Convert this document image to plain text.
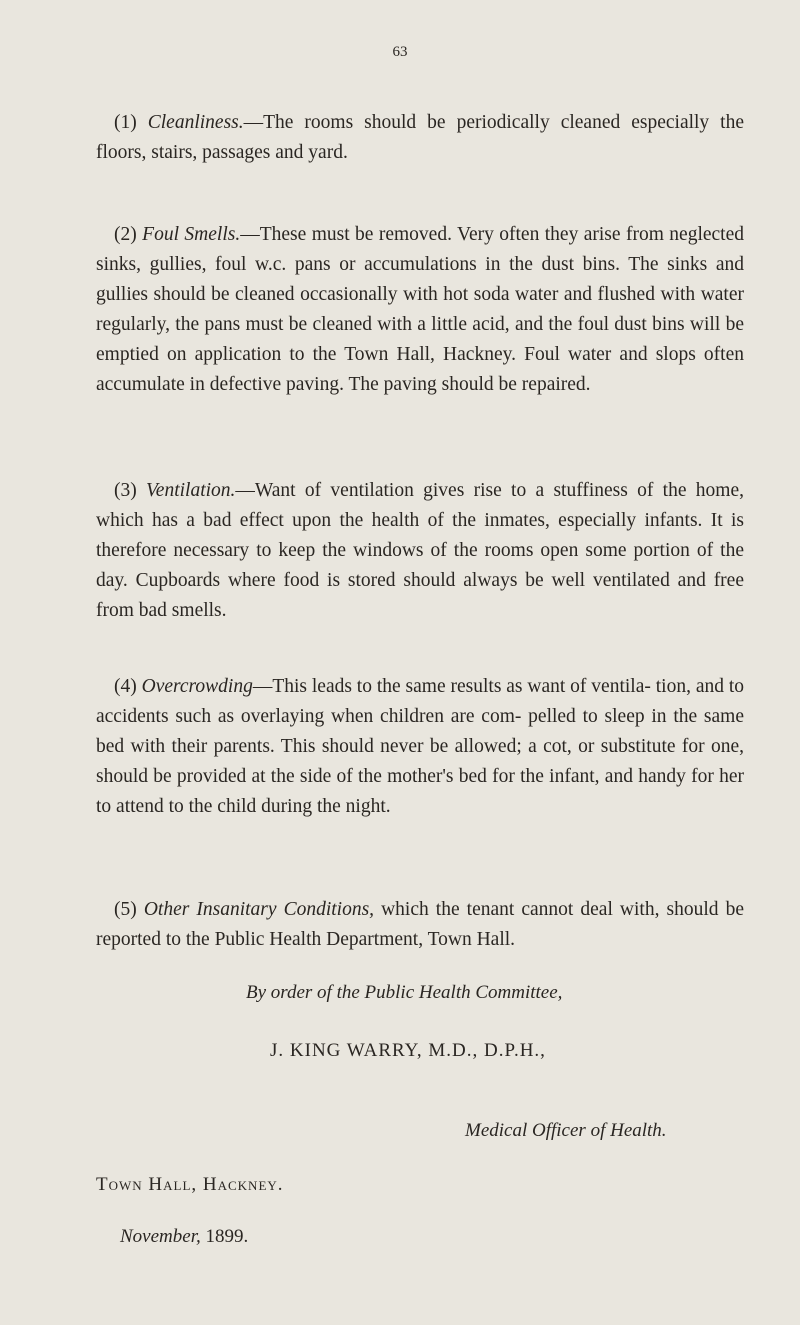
63

(1) Cleanliness.—The rooms should be periodically cleaned especially the floors, stairs, passages and yard.

(2) Foul Smells.—These must be removed. Very often they arise from neglected sinks, gullies, foul w.c. pans or accumulations in the dust bins. The sinks and gullies should be cleaned occasionally with hot soda water and flushed with water regularly, the pans must be cleaned with a little acid, and the foul dust bins will be emptied on application to the Town Hall, Hackney. Foul water and slops often accumulate in defective paving. The paving should be repaired.

(3) Ventilation.—Want of ventilation gives rise to a stuffiness of the home, which has a bad effect upon the health of the inmates, especially infants. It is therefore necessary to keep the windows of the rooms open some portion of the day. Cupboards where food is stored should always be well ventilated and free from bad smells.

(4) Overcrowding—This leads to the same results as want of ventila- tion, and to accidents such as overlaying when children are com- pelled to sleep in the same bed with their parents. This should never be allowed; a cot, or substitute for one, should be provided at the side of the mother's bed for the infant, and handy for her to attend to the child during the night.

(5) Other Insanitary Conditions, which the tenant cannot deal with, should be reported to the Public Health Department, Town Hall.

By order of the Public Health Committee,
J. KING WARRY, M.D., D.P.H.,
Medical Officer of Health.
Town Hall, Hackney.
November, 1899.
